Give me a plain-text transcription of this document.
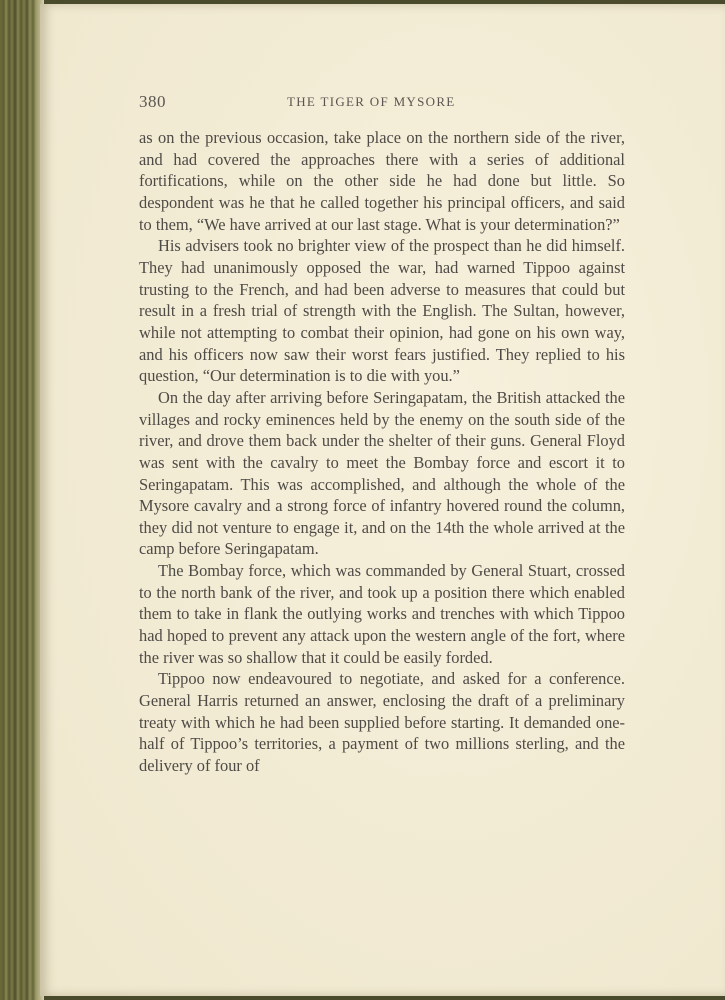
380	THE TIGER OF MYSORE

as on the previous occasion, take place on the northern side of the river, and had covered the approaches there with a series of additional fortifications, while on the other side he had done but little. So despondent was he that he called together his principal officers, and said to them, “We have arrived at our last stage. What is your determination?”

His advisers took no brighter view of the prospect than he did himself. They had unanimously opposed the war, had warned Tippoo against trusting to the French, and had been adverse to measures that could but result in a fresh trial of strength with the English. The Sultan, however, while not attempting to combat their opinion, had gone on his own way, and his officers now saw their worst fears justified. They replied to his question, “Our determination is to die with you.”

On the day after arriving before Seringapatam, the British attacked the villages and rocky eminences held by the enemy on the south side of the river, and drove them back under the shelter of their guns. General Floyd was sent with the cavalry to meet the Bombay force and escort it to Seringapatam. This was accomplished, and although the whole of the Mysore cavalry and a strong force of infantry hovered round the column, they did not venture to engage it, and on the 14th the whole arrived at the camp before Seringapatam.

The Bombay force, which was commanded by General Stuart, crossed to the north bank of the river, and took up a position there which enabled them to take in flank the outlying works and trenches with which Tippoo had hoped to prevent any attack upon the western angle of the fort, where the river was so shallow that it could be easily forded.

Tippoo now endeavoured to negotiate, and asked for a conference. General Harris returned an answer, enclosing the draft of a preliminary treaty with which he had been supplied before starting. It demanded one-half of Tippoo’s territories, a payment of two millions sterling, and the delivery of four of
